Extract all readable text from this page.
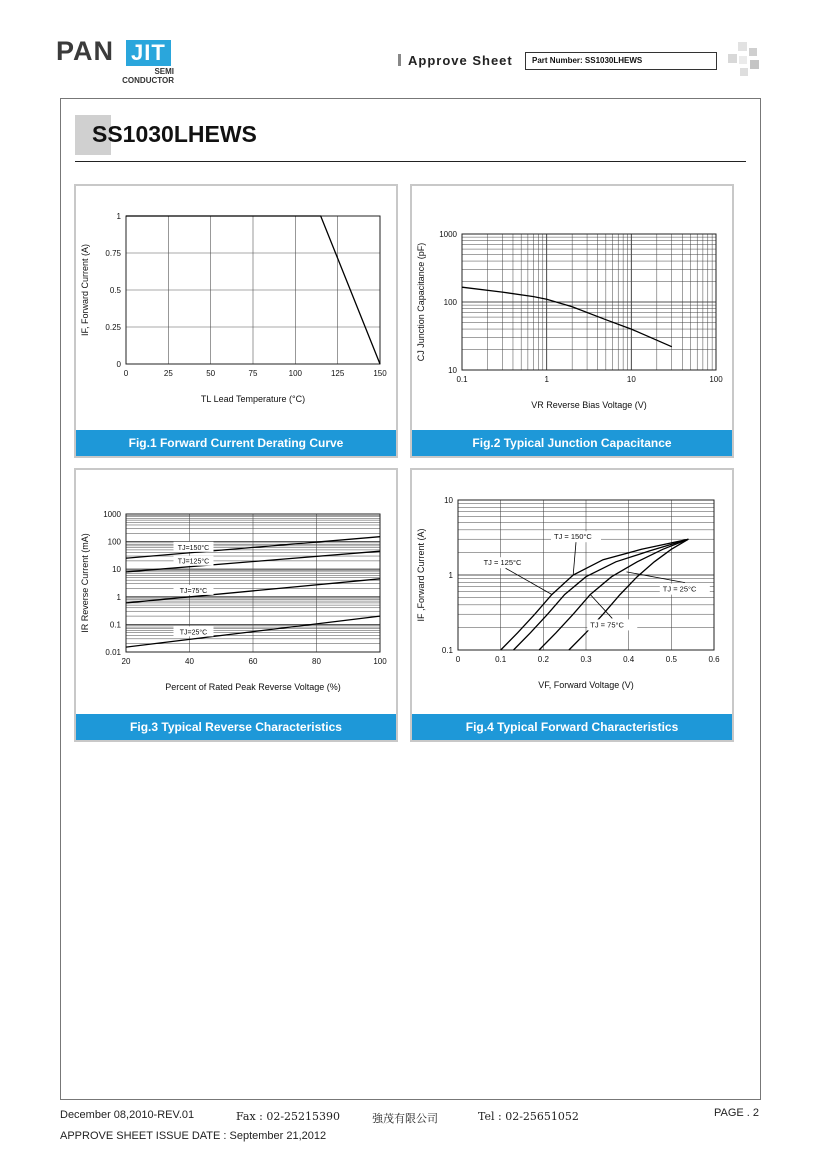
PAN JIT
SEMI
CONDUCTOR
Approve Sheet	Part Number: SS1030LHEWS
SS1030LHEWS
0	25	50	75	100	125	150
0
0.25
0.5
0.75
1
TL Lead Temperature (°C)
IF, Forward Current (A)
Fig.1 Forward Current Derating Curve
0.1	1	10	100
10
100
1000
VR Reverse Bias Voltage (V)
CJ Junction Capacitance (pF)
Fig.2 Typical Junction Capacitance
20	40	60	80	100
0.01
0.1
1
10
100
1000
Percent of Rated Peak Reverse Voltage (%)
IR Reverse Current (mA)	TJ=150°C
TJ=125°C
TJ=75°C
TJ=25°C
Fig.3 Typical Reverse Characteristics
0	0.1	0.2	0.3	0.4	0.5	0.6
0.1
1
10
VF, Forward Voltage (V)
IF ,Forward Current (A)	TJ = 150°C
TJ = 125°C
TJ = 75°C
TJ = 25°C
Fig.4 Typical Forward Characteristics
December 08,2010-REV.01	Fax : 02-25215390	強茂有限公司	Tel : 02-25651052	PAGE . 2
APPROVE SHEET ISSUE DATE : September 21,2012
